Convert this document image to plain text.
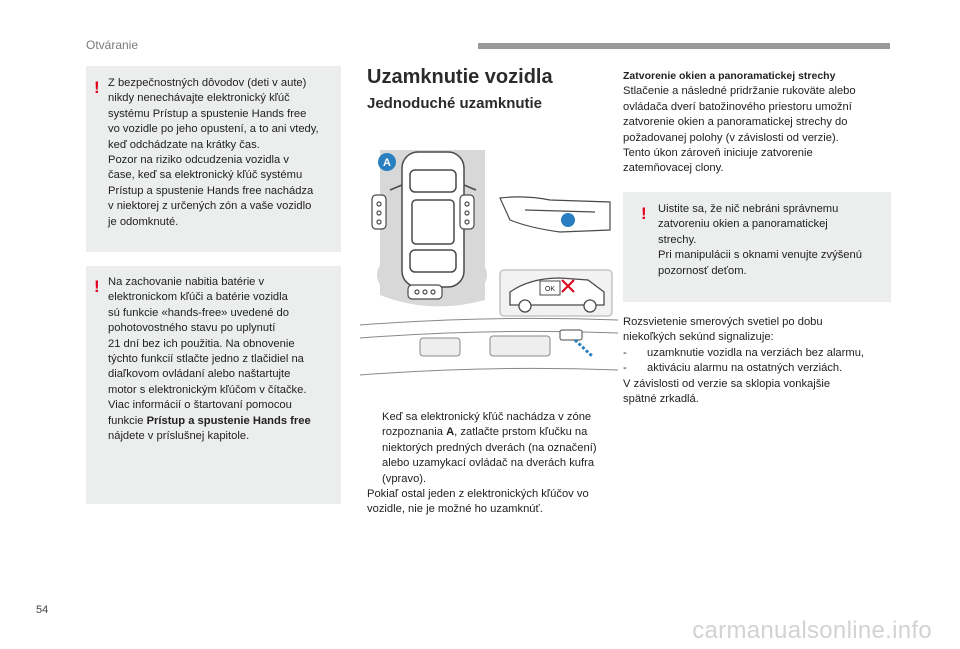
Otváranie
! Z bezpečnostných dôvodov (deti v aute)

nikdy nenechávajte elektronický kľúč

systému Prístup a spustenie Hands free

vo vozidle po jeho opustení, a to ani vtedy,

keď odchádzate na krátky čas.

Pozor na riziko odcudzenia vozidla v

čase, keď sa elektronický kľúč systému

Prístup a spustenie Hands free nachádza

v niektorej z určených zón a vaše vozidlo

je odomknuté.

! Na zachovanie nabitia batérie v

elektronickom kľúči a batérie vozidla

sú funkcie «hands-free» uvedené do

pohotovostného stavu po uplynutí

21 dní bez ich použitia. Na obnovenie

týchto funkcií stlačte jedno z tlačidiel na

diaľkovom ovládaní alebo naštartujte

motor s elektronickým kľúčom v čítačke.

Viac informácií o štartovaní pomocou

funkcie Prístup a spustenie Hands free

nájdete v príslušnej kapitole.

Uzamknutie vozidla
Jednoduché uzamknutie
A
OK

Keď sa elektronický kľúč nachádza v zóne

rozpoznania A, zatlačte prstom kľučku na

niektorých predných dverách (na označení)

alebo uzamykací ovládač na dverách kufra

(vpravo).

Pokiaľ ostal jeden z elektronických kľúčov vo

vozidle, nie je možné ho uzamknúť.

Zatvorenie okien a panoramatickej strechy

Stlačenie a následné pridržanie rukoväte alebo

ovládača dverí batožinového priestoru umožní

zatvorenie okien a panoramatickej strechy do

požadovanej polohy (v závislosti od verzie).

Tento úkon zároveň iniciuje zatvorenie

zatemňovacej clony.

! Uistite sa, že nič nebráni správnemu

zatvoreniu okien a panoramatickej

strechy.

Pri manipulácii s oknami venujte zvýšenú

pozornosť deťom.

Rozsvietenie smerových svetiel po dobu

niekoľkých sekúnd signalizuje:

-	uzamknutie vozidla na verziách bez alarmu,
-	aktiváciu alarmu na ostatných verziách.

V závislosti od verzie sa sklopia vonkajšie

spätné zrkadlá.

54
carmanualsonline.info
